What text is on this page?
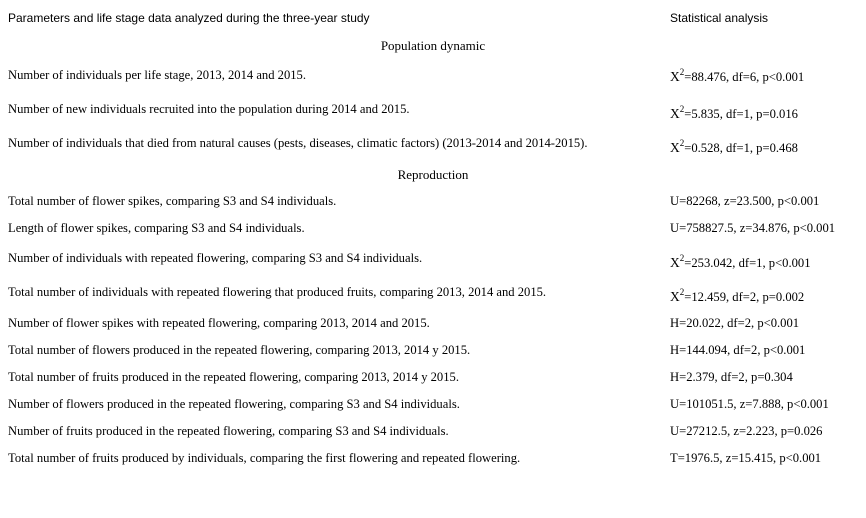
Parameters and life stage data analyzed during the three-year study	Statistical analysis
Population dynamic
Number of individuals per life stage, 2013, 2014 and 2015.	$X^2=88.476$, df=6, p<0.001
Number of new individuals recruited into the population during 2014 and 2015.	$X^2=5.835$, df=1, p=0.016
Number of individuals that died from natural causes (pests, diseases, climatic factors) (2013-2014 and 2014-2015).	$X^2=0.528$, df=1, p=0.468
Reproduction
Total number of flower spikes, comparing S3 and S4 individuals.	U=82268, z=23.500, p<0.001
Length of flower spikes, comparing S3 and S4 individuals.	U=758827.5, z=34.876, p<0.001
Number of individuals with repeated flowering, comparing S3 and S4 individuals.	$X^2=253.042$, df=1, p<0.001
Total number of individuals with repeated flowering that produced fruits, comparing 2013, 2014 and 2015.	$X^2=12.459$, df=2, p=0.002
Number of flower spikes with repeated flowering, comparing 2013, 2014 and 2015.	H=20.022, df=2, p<0.001
Total number of flowers produced in the repeated flowering, comparing 2013, 2014 y 2015.	H=144.094, df=2, p<0.001
Total number of fruits produced in the repeated flowering, comparing 2013, 2014 y 2015.	H=2.379, df=2, p=0.304
Number of flowers produced in the repeated flowering, comparing S3 and S4 individuals.	U=101051.5, z=7.888, p<0.001
Number of fruits produced in the repeated flowering, comparing S3 and S4 individuals.	U=27212.5, z=2.223, p=0.026
Total number of fruits produced by individuals, comparing the first flowering and repeated flowering.	T=1976.5, z=15.415, p<0.001
